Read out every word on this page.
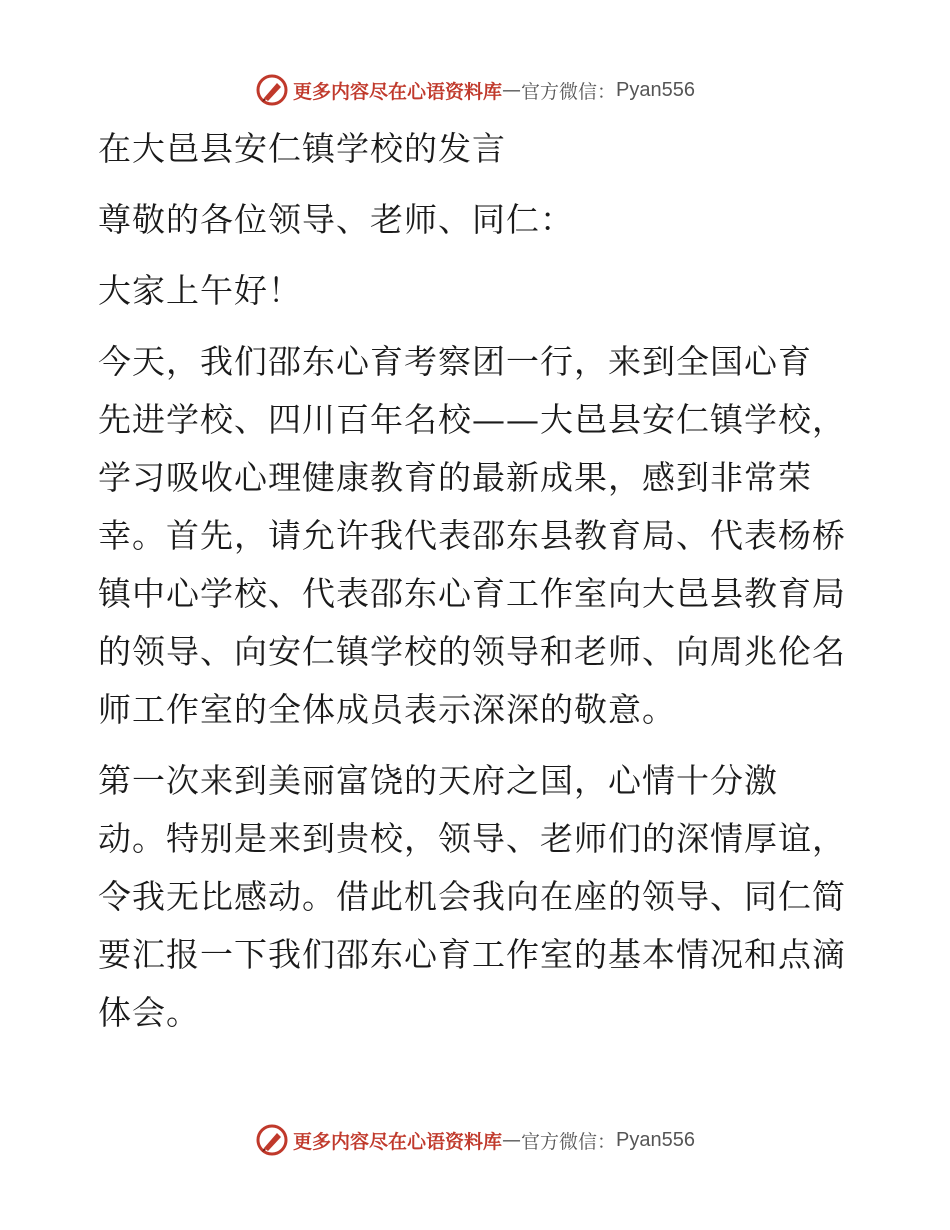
更多内容尽在心语资料库 — 官方微信： Pyan556
在大邑县安仁镇学校的发言
尊敬的各位领导、老师、同仁：
大家上午好！
今天，我们邵东心育考察团一行，来到全国心育
先进学校、四川百年名校——大邑县安仁镇学校，
学习吸收心理健康教育的最新成果，感到非常荣
幸。首先，请允许我代表邵东县教育局、代表杨桥
镇中心学校、代表邵东心育工作室向大邑县教育局
的领导、向安仁镇学校的领导和老师、向周兆伦名
师工作室的全体成员表示深深的敬意。
第一次来到美丽富饶的天府之国，心情十分激
动。特别是来到贵校，领导、老师们的深情厚谊，
令我无比感动。借此机会我向在座的领导、同仁简
要汇报一下我们邵东心育工作室的基本情况和点滴
体会。
更多内容尽在心语资料库 — 官方微信： Pyan556
